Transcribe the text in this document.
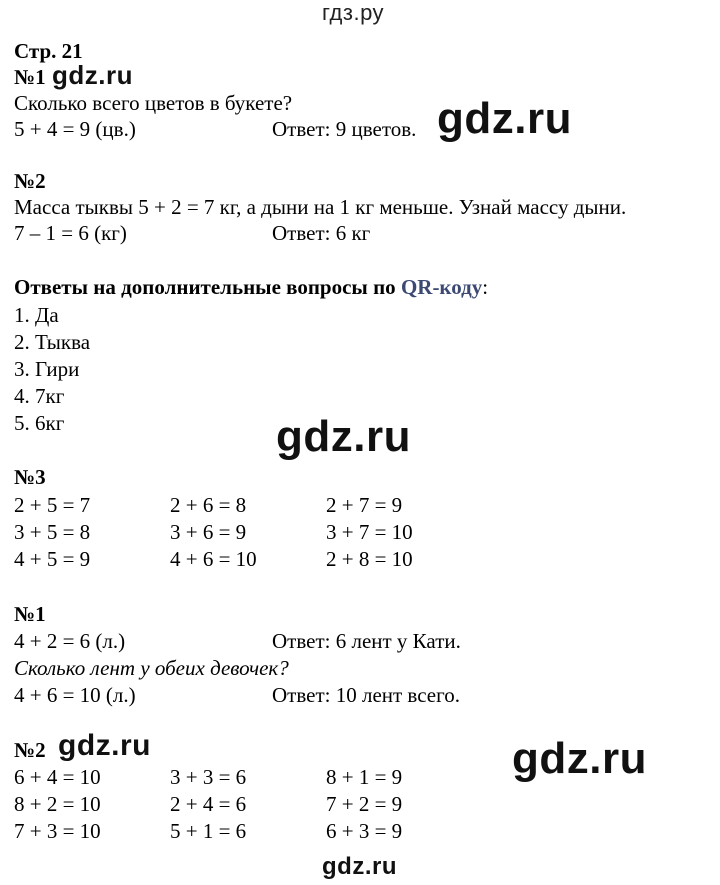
гдз.ру
Стр. 21
№1 gdz.ru
Сколько всего цветов в букете?
5 + 4 = 9 (цв.)	Ответ: 9 цветов. gdz.ru
№2
Масса тыквы 5 + 2 = 7 кг, а дыни на 1 кг меньше. Узнай массу дыни.
7 – 1 = 6 (кг)	Ответ: 6 кг
Ответы на дополнительные вопросы по QR-коду:
1. Да
2. Тыква
3. Гири
4. 7кг
5. 6кг	gdz.ru
№3
2 + 5 = 7	2 + 6 = 8	2 + 7 = 9
3 + 5 = 8	3 + 6 = 9	3 + 7 = 10
4 + 5 = 9	4 + 6 = 10	2 + 8 = 10
№1
4 + 2 = 6 (л.)	Ответ: 6 лент у Кати.
Сколько лент у обеих девочек?
4 + 6 = 10 (л.)	Ответ: 10 лент всего.
№2 gdz.ru	gdz.ru
6 + 4 = 10	3 + 3 = 6	8 + 1 = 9
8 + 2 = 10	2 + 4 = 6	7 + 2 = 9
7 + 3 = 10	5 + 1 = 6	6 + 3 = 9
gdz.ru
